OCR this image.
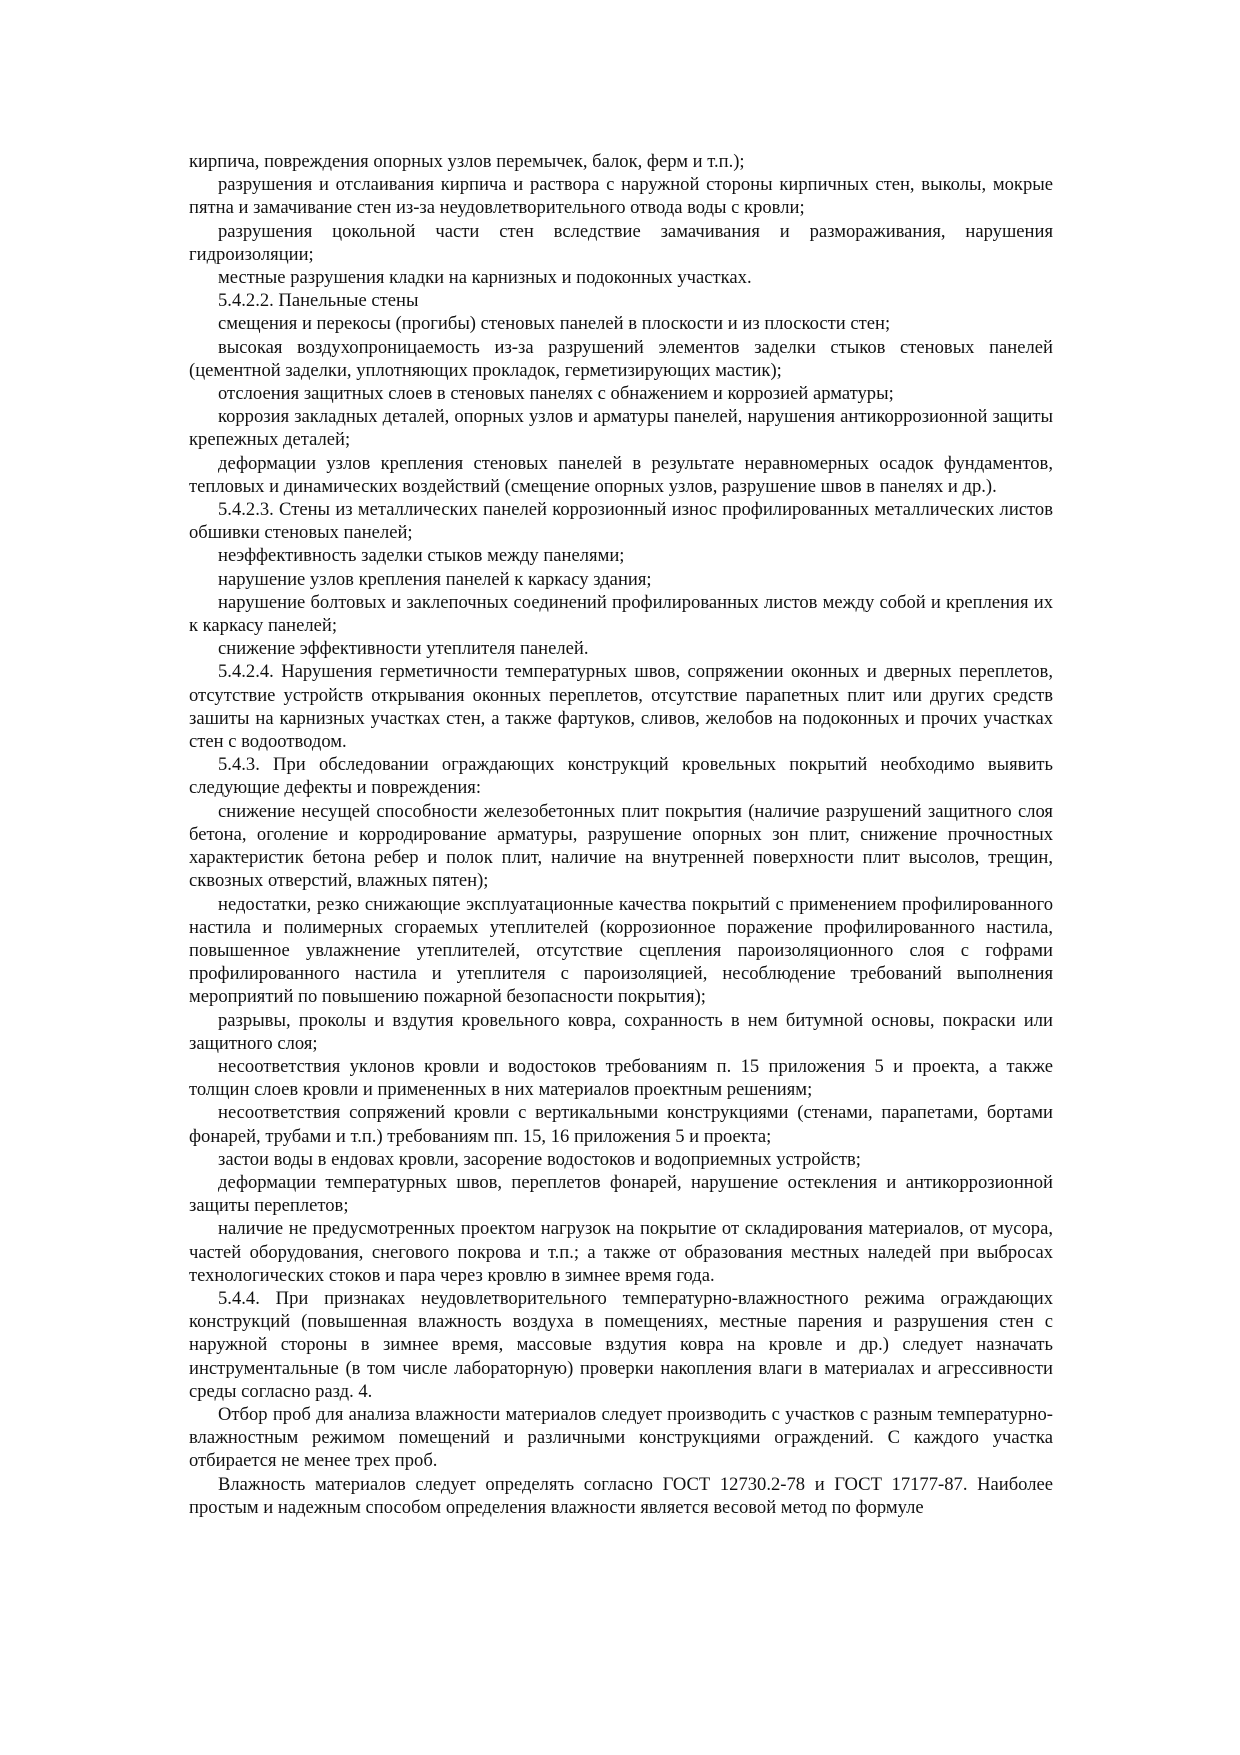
кирпича, повреждения опорных узлов перемычек, балок, ферм и т.п.);

разрушения и отслаивания кирпича и раствора с наружной стороны кирпичных стен, выколы, мокрые пятна и замачивание стен из-за неудовлетворительного отвода воды с кровли;

разрушения цокольной части стен вследствие замачивания и размораживания, нарушения гидроизоляции;

местные разрушения кладки на карнизных и подоконных участках.

5.4.2.2. Панельные стены

смещения и перекосы (прогибы) стеновых панелей в плоскости и из плоскости стен;

высокая воздухопроницаемость из-за разрушений элементов заделки стыков стеновых панелей (цементной заделки, уплотняющих прокладок, герметизирующих мастик);

отслоения защитных слоев в стеновых панелях с обнажением и коррозией арматуры;

коррозия закладных деталей, опорных узлов и арматуры панелей, нарушения антикоррозионной защиты крепежных деталей;

деформации узлов крепления стеновых панелей в результате неравномерных осадок фундаментов, тепловых и динамических воздействий (смещение опорных узлов, разрушение швов в панелях и др.).

5.4.2.3. Стены из металлических панелей коррозионный износ профилированных металлических листов обшивки стеновых панелей;

неэффективность заделки стыков между панелями;

нарушение узлов крепления панелей к каркасу здания;

нарушение болтовых и заклепочных соединений профилированных листов между собой и крепления их к каркасу панелей;

снижение эффективности утеплителя панелей.

5.4.2.4. Нарушения герметичности температурных швов, сопряжении оконных и дверных переплетов, отсутствие устройств открывания оконных переплетов, отсутствие парапетных плит или других средств зашиты на карнизных участках стен, а также фартуков, сливов, желобов на подоконных и прочих участках стен с водоотводом.

5.4.3. При обследовании ограждающих конструкций кровельных покрытий необходимо выявить следующие дефекты и повреждения:

снижение несущей способности железобетонных плит покрытия (наличие разрушений защитного слоя бетона, оголение и корродирование арматуры, разрушение опорных зон плит, снижение прочностных характеристик бетона ребер и полок плит, наличие на внутренней поверхности плит высолов, трещин, сквозных отверстий, влажных пятен);

недостатки, резко снижающие эксплуатационные качества покрытий с применением профилированного настила и полимерных сгораемых утеплителей (коррозионное поражение профилированного настила, повышенное увлажнение утеплителей, отсутствие сцепления пароизоляционного слоя с гофрами профилированного настила и утеплителя с пароизоляцией, несоблюдение требований выполнения мероприятий по повышению пожарной безопасности покрытия);

разрывы, проколы и вздутия кровельного ковра, сохранность в нем битумной основы, покраски или защитного слоя;

несоответствия уклонов кровли и водостоков требованиям п. 15 приложения 5 и проекта, а также толщин слоев кровли и примененных в них материалов проектным решениям;

несоответствия сопряжений кровли с вертикальными конструкциями (стенами, парапетами, бортами фонарей, трубами и т.п.) требованиям пп. 15, 16 приложения 5 и проекта;

застои воды в ендовах кровли, засорение водостоков и водоприемных устройств;

деформации температурных швов, переплетов фонарей, нарушение остекления и антикоррозионной защиты переплетов;

наличие не предусмотренных проектом нагрузок на покрытие от складирования материалов, от мусора, частей оборудования, снегового покрова и т.п.; а также от образования местных наледей при выбросах технологических стоков и пара через кровлю в зимнее время года.

5.4.4. При признаках неудовлетворительного температурно-влажностного режима ограждающих конструкций (повышенная влажность воздуха в помещениях, местные парения и разрушения стен с наружной стороны в зимнее время, массовые вздутия ковра на кровле и др.) следует назначать инструментальные (в том числе лабораторную) проверки накопления влаги в материалах и агрессивности среды согласно разд. 4.

Отбор проб для анализа влажности материалов следует производить с участков с разным температурно-влажностным режимом помещений и различными конструкциями ограждений. С каждого участка отбирается не менее трех проб.

Влажность материалов следует определять согласно ГОСТ 12730.2-78 и ГОСТ 17177-87. Наиболее простым и надежным способом определения влажности является весовой метод по формуле
